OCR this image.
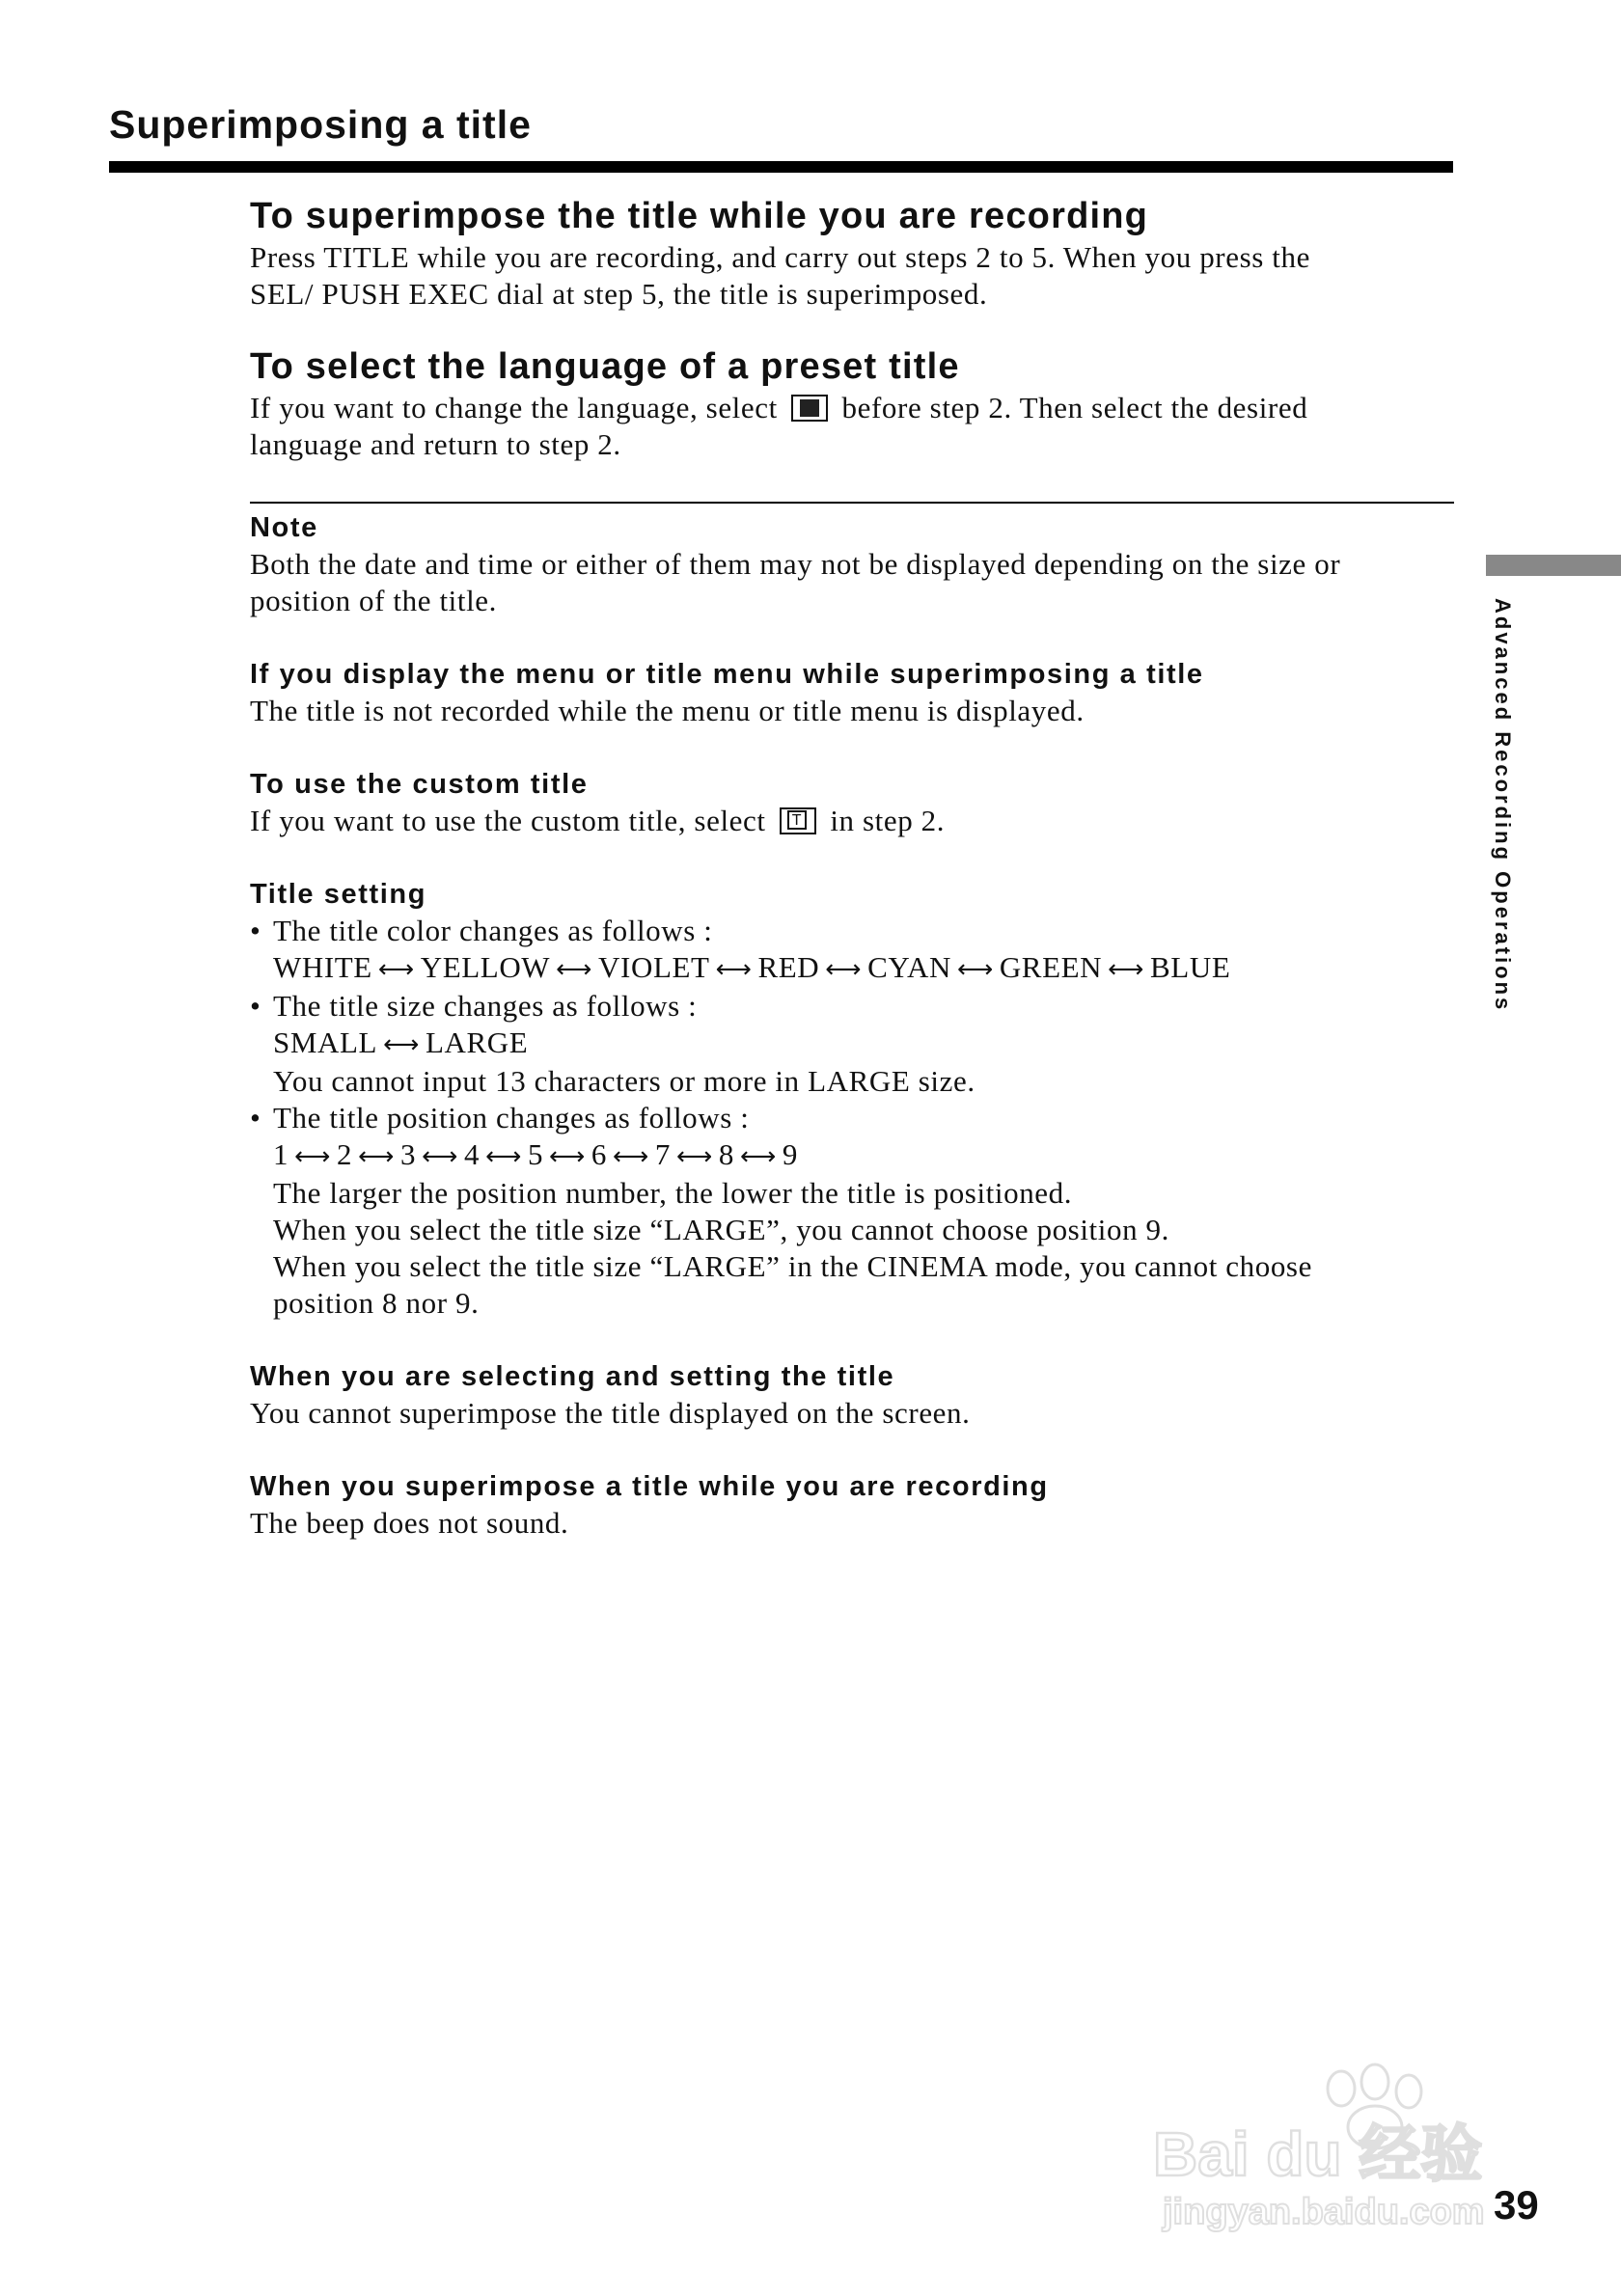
Superimposing a title
To superimpose the title while you are recording

Press TITLE while you are recording, and carry out steps 2 to 5. When you press the

SEL/ PUSH EXEC dial at step 5, the title is superimposed.

To select the language of a preset title

If you want to change the language, select before step 2. Then select the desired

language and return to step 2.

Note

Both the date and time or either of them may not be displayed depending on the size or

position of the title.

If you display the menu or title menu while superimposing a title

The title is not recorded while the menu or title menu is displayed.

To use the custom title

If you want to use the custom title, select T in step 2.

Title setting

• The title color changes as follows :

WHITE ⟷ YELLOW ⟷ VIOLET ⟷ RED ⟷ CYAN ⟷ GREEN ⟷ BLUE

• The title size changes as follows :

SMALL ⟷ LARGE

You cannot input 13 characters or more in LARGE size.

• The title position changes as follows :

1 ⟷ 2 ⟷ 3 ⟷ 4 ⟷ 5 ⟷ 6 ⟷ 7 ⟷ 8 ⟷ 9

The larger the position number, the lower the title is positioned.

When you select the title size “LARGE”, you cannot choose position 9.

When you select the title size “LARGE” in the CINEMA mode, you cannot choose

position 8 nor 9.

When you are selecting and setting the title

You cannot superimpose the title displayed on the screen.

When you superimpose a title while you are recording

The beep does not sound.

Advanced Recording Operations
Bai du 经验
jingyan.baidu.com 39
